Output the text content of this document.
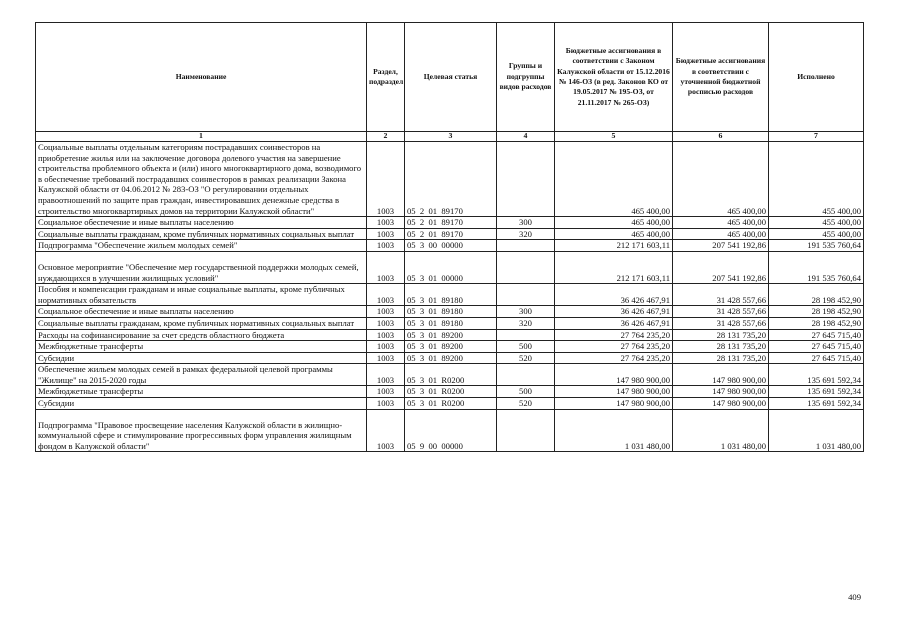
Наименование	Раздел, подраздел	Целевая статья	Группы и подгруппы видов расходов	Бюджетные ассигнования в соответствии с Законом Калужской области от 15.12.2016 № 146-ОЗ (в ред. Законов КО от 19.05.2017 № 195-ОЗ, от 21.11.2017 № 265-ОЗ)	Бюджетные ассигнования в соответствии с уточненной бюджетной росписью расходов	Исполнено
1	2	3	4	5	6	7
Социальные выплаты отдельным категориям пострадавших соинвесторов на приобретение жилья или на заключение договора долевого участия на завершение строительства проблемного объекта и (или) иного многоквартирного дома, возводимого в обеспечение требований пострадавших соинвесторов в рамках реализации Закона Калужской области от 04.06.2012 № 283-ОЗ "О регулировании отдельных правоотношений по защите прав граждан, инвестировавших денежные средства в строительство многоквартирных домов на территории Калужской области"	1003	05  2  01  89170		465 400,00	465 400,00	455 400,00
Социальное обеспечение и иные выплаты населению	1003	05  2  01  89170	300	465 400,00	465 400,00	455 400,00
Социальные выплаты гражданам, кроме публичных нормативных социальных выплат	1003	05  2  01  89170	320	465 400,00	465 400,00	455 400,00
Подпрограмма "Обеспечение жильем молодых семей"	1003	05  3  00  00000		212 171 603,11	207 541 192,86	191 535 760,64
Основное мероприятие "Обеспечение мер государственной поддержки молодых семей, нуждающихся в улучшении жилищных условий"	1003	05  3  01  00000		212 171 603,11	207 541 192,86	191 535 760,64
Пособия и компенсации гражданам и иные социальные выплаты, кроме публичных нормативных обязательств	1003	05  3  01  89180		36 426 467,91	31 428 557,66	28 198 452,90
Социальное обеспечение и иные выплаты населению	1003	05  3  01  89180	300	36 426 467,91	31 428 557,66	28 198 452,90
Социальные выплаты гражданам, кроме публичных нормативных социальных выплат	1003	05  3  01  89180	320	36 426 467,91	31 428 557,66	28 198 452,90
Расходы на софинансирование за счет средств областного бюджета	1003	05  3  01  89200		27 764 235,20	28 131 735,20	27 645 715,40
Межбюджетные трансферты	1003	05  3  01  89200	500	27 764 235,20	28 131 735,20	27 645 715,40
Субсидии	1003	05  3  01  89200	520	27 764 235,20	28 131 735,20	27 645 715,40
Обеспечение жильем молодых семей в рамках федеральной целевой программы "Жилище" на 2015-2020 годы	1003	05  3  01  R0200		147 980 900,00	147 980 900,00	135 691 592,34
Межбюджетные трансферты	1003	05  3  01  R0200	500	147 980 900,00	147 980 900,00	135 691 592,34
Субсидии	1003	05  3  01  R0200	520	147 980 900,00	147 980 900,00	135 691 592,34
Подпрограмма "Правовое просвещение населения Калужской области в жилищно-коммунальной сфере и стимулирование прогрессивных форм управления жилищным фондом в Калужской области"	1003	05  9  00  00000		1 031 480,00	1 031 480,00	1 031 480,00
409
